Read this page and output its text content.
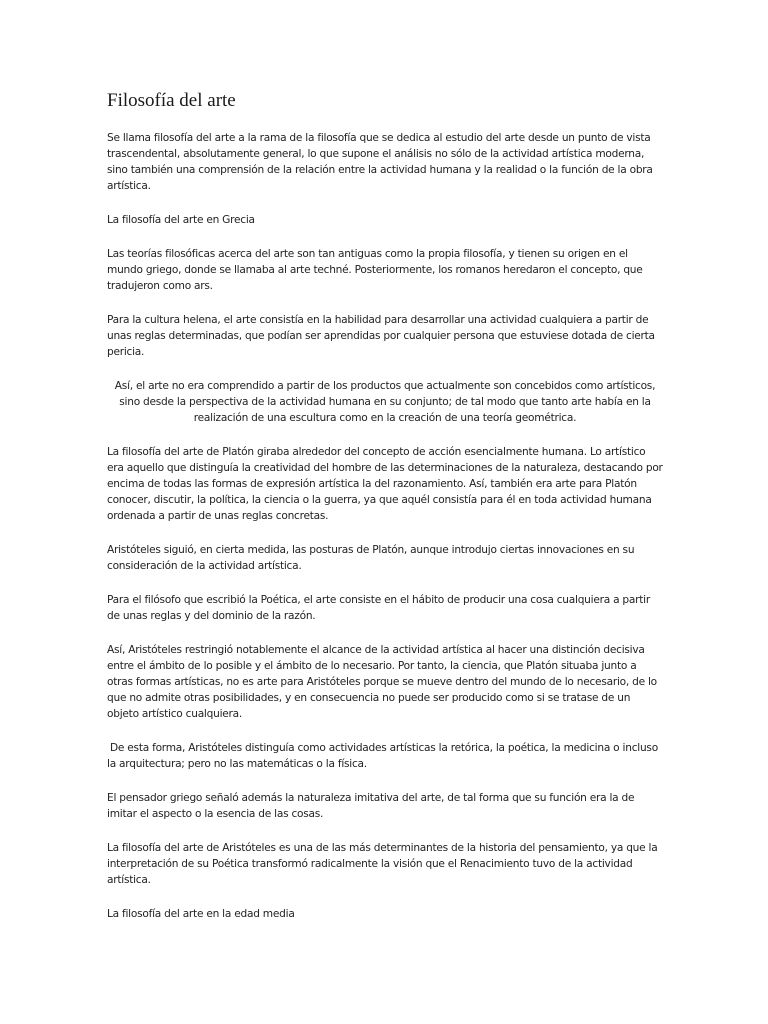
Filosofía del arte

Se llama filosofía del arte a la rama de la filosofía que se dedica al estudio del arte desde un punto de vista trascendental, absolutamente general, lo que supone el análisis no sólo de la actividad artística moderna, sino también una comprensión de la relación entre la actividad humana y la realidad o la función de la obra artística.

La filosofía del arte en Grecia

Las teorías filosóficas acerca del arte son tan antiguas como la propia filosofía, y tienen su origen en el mundo griego, donde se llamaba al arte techné. Posteriormente, los romanos heredaron el concepto, que tradujeron como ars.

Para la cultura helena, el arte consistía en la habilidad para desarrollar una actividad cualquiera a partir de unas reglas determinadas, que podían ser aprendidas por cualquier persona que estuviese dotada de cierta pericia.

Así, el arte no era comprendido a partir de los productos que actualmente son concebidos como artísticos, sino desde la perspectiva de la actividad humana en su conjunto; de tal modo que tanto arte había en la realización de una escultura como en la creación de una teoría geométrica.

La filosofía del arte de Platón giraba alrededor del concepto de acción esencialmente humana. Lo artístico era aquello que distinguía la creatividad del hombre de las determinaciones de la naturaleza, destacando por encima de todas las formas de expresión artística la del razonamiento. Así, también era arte para Platón conocer, discutir, la política, la ciencia o la guerra, ya que aquél consistía para él en toda actividad humana ordenada a partir de unas reglas concretas.

Aristóteles siguió, en cierta medida, las posturas de Platón, aunque introdujo ciertas innovaciones en su consideración de la actividad artística.

Para el filósofo que escribió la Poética, el arte consiste en el hábito de producir una cosa cualquiera a partir de unas reglas y del dominio de la razón.

Así, Aristóteles restringió notablemente el alcance de la actividad artística al hacer una distinción decisiva entre el ámbito de lo posible y el ámbito de lo necesario. Por tanto, la ciencia, que Platón situaba junto a otras formas artísticas, no es arte para Aristóteles porque se mueve dentro del mundo de lo necesario, de lo que no admite otras posibilidades, y en consecuencia no puede ser producido como si se tratase de un objeto artístico cualquiera.

De esta forma, Aristóteles distinguía como actividades artísticas la retórica, la poética, la medicina o incluso la arquitectura; pero no las matemáticas o la física.

El pensador griego señaló además la naturaleza imitativa del arte, de tal forma que su función era la de imitar el aspecto o la esencia de las cosas.

La filosofía del arte de Aristóteles es una de las más determinantes de la historia del pensamiento, ya que la interpretación de su Poética transformó radicalmente la visión que el Renacimiento tuvo de la actividad artística.

La filosofía del arte en la edad media
